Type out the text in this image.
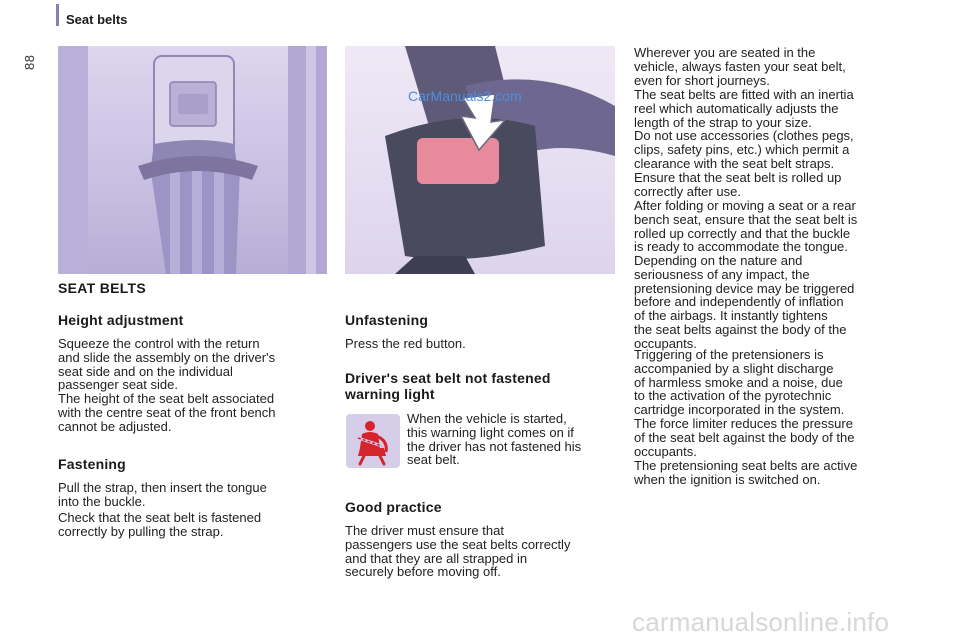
88
Seat belts
CarManuals2.com
SEAT BELTS
Height adjustment

Squeeze the control with the return
and slide the assembly on the driver's
seat side and on the individual
passenger seat side.

The height of the seat belt associated
with the centre seat of the front bench
cannot be adjusted.

Fastening

Pull the strap, then insert the tongue
into the buckle.

Check that the seat belt is fastened
correctly by pulling the strap.

Unfastening

Press the red button.

Driver's seat belt not fastened
warning light

When the vehicle is started,
this warning light comes on if
the driver has not fastened his
seat belt.

Good practice

The driver must ensure that
passengers use the seat belts correctly
and that they are all strapped in
securely before moving off.

Wherever you are seated in the
vehicle, always fasten your seat belt,
even for short journeys.

The seat belts are fitted with an inertia
reel which automatically adjusts the
length of the strap to your size.

Do not use accessories (clothes pegs,
clips, safety pins, etc.) which permit a
clearance with the seat belt straps.

Ensure that the seat belt is rolled up
correctly after use.

After folding or moving a seat or a rear
bench seat, ensure that the seat belt is
rolled up correctly and that the buckle
is ready to accommodate the tongue.

Depending on the nature and
seriousness of any impact, the
pretensioning device may be triggered
before and independently of inflation
of the airbags. It instantly tightens
the seat belts against the body of the
occupants.

Triggering of the pretensioners is
accompanied by a slight discharge
of harmless smoke and a noise, due
to the activation of the pyrotechnic
cartridge incorporated in the system.

The force limiter reduces the pressure
of the seat belt against the body of the
occupants.

The pretensioning seat belts are active
when the ignition is switched on.

carmanualsonline.info
